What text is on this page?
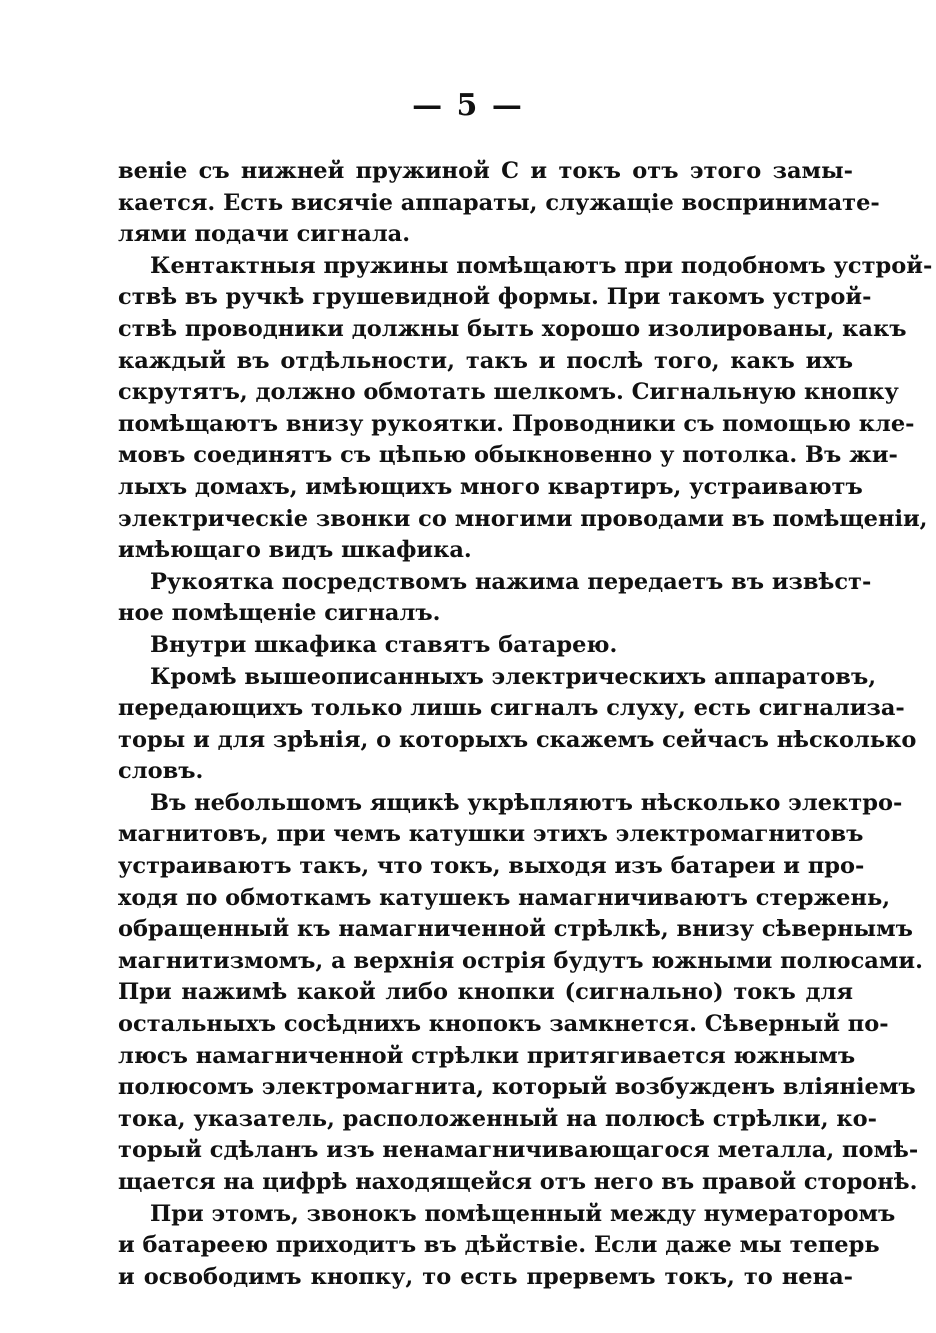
— 5 —
веніе съ нижней пружиной С и токъ отъ этого замы-
кается. Есть висячіе аппараты, служащіе воспринимате-
лями подачи сигнала.
Кентактныя пружины помѣщаютъ при подобномъ устрой-
ствѣ въ ручкѣ грушевидной формы. При такомъ устрой-
ствѣ проводники должны быть хорошо изолированы, какъ
каждый въ отдѣльности, такъ и послѣ того, какъ ихъ
скрутятъ, должно обмотать шелкомъ. Сигнальную кнопку
помѣщаютъ внизу рукоятки. Проводники съ помощью кле-
мовъ соединятъ съ цѣпью обыкновенно у потолка. Въ жи-
лыхъ домахъ, имѣющихъ много квартиръ, устраиваютъ
электрическіе звонки со многими проводами въ помѣщеніи,
имѣющаго видъ шкафика.
Рукоятка посредствомъ нажима передаетъ въ извѣст-
ное помѣщеніе сигналъ.
Внутри шкафика ставятъ батарею.
Кромѣ вышеописанныхъ электрическихъ аппаратовъ,
передающихъ только лишь сигналъ слуху, есть сигнализа-
торы и для зрѣнія, о которыхъ скажемъ сейчасъ нѣсколько
словъ.
Въ небольшомъ ящикѣ укрѣпляютъ нѣсколько электро-
магнитовъ, при чемъ катушки этихъ электромагнитовъ
устраиваютъ такъ, что токъ, выходя изъ батареи и про-
ходя по обмоткамъ катушекъ намагничиваютъ стержень,
обращенный къ намагниченной стрѣлкѣ, внизу сѣвернымъ
магнитизмомъ, а верхнія острія будутъ южными полюсами.
При нажимѣ какой либо кнопки (сигнально) токъ для
остальныхъ сосѣднихъ кнопокъ замкнется. Сѣверный по-
люсъ намагниченной стрѣлки притягивается южнымъ
полюсомъ электромагнита, который возбужденъ вліяніемъ
тока, указатель, расположенный на полюсѣ стрѣлки, ко-
торый сдѣланъ изъ ненамагничивающагося металла, помѣ-
щается на цифрѣ находящейся отъ него въ правой сторонѣ.
При этомъ, звонокъ помѣщенный между нумераторомъ
и батареею приходитъ въ дѣйствіе. Если даже мы теперь
и освободимъ кнопку, то есть прервемъ токъ, то нена-
